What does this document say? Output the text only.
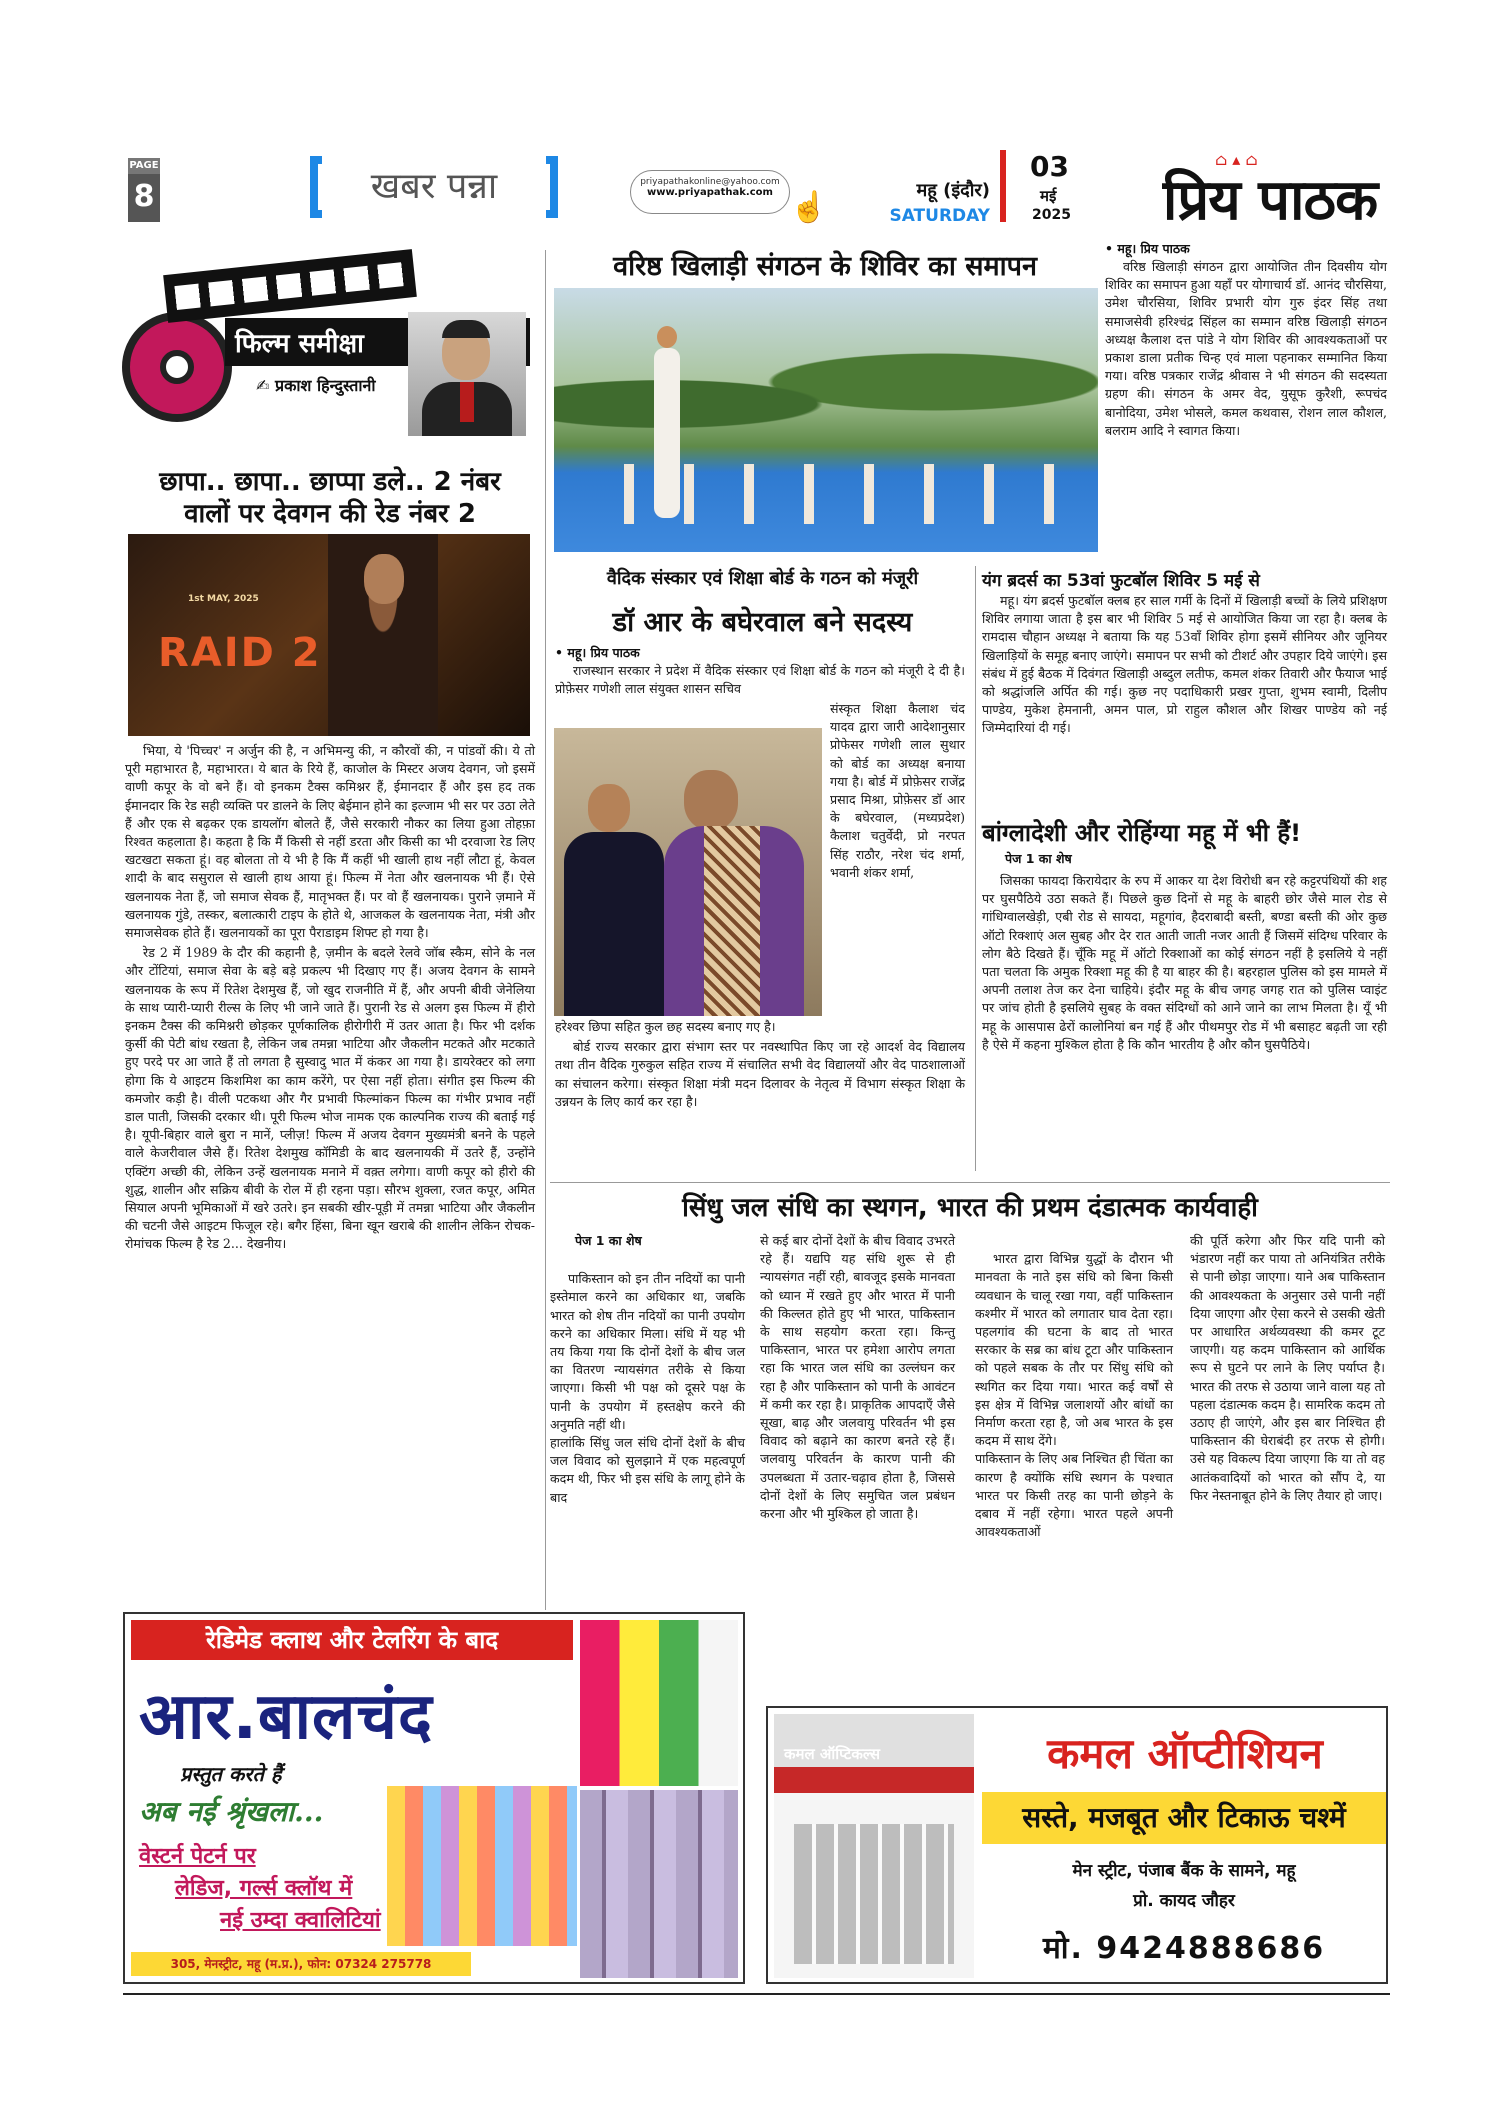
PAGE
8	खबर पन्ना	priyapathakonline@yahoo.com
www.priyapathak.com ☝	महू (इंदौर)
SATURDAY
03
मई
2025	प्रिय पाठक
⌂ ▴ ⌂
फिल्म समीक्षा
✍ प्रकाश हिन्दुस्तानी
छापा.. छापा.. छाप्पा डले.. 2 नंबर
वालों पर देवगन की रेड नंबर 2
1st MAY, 2025
RAID 2

भिया, ये 'पिच्चर' न अर्जुन की है, न अभिमन्यु की, न कौरवों की, न पांडवों की। ये तो पूरी महाभारत है, महाभारत। ये बात के रिये हैं, काजोल के मिस्टर अजय देवगन, जो इसमें वाणी कपूर के वो बने हैं। वो इनकम टैक्स कमिश्नर हैं, ईमानदार हैं और इस हद तक ईमानदार कि रेड सही व्यक्ति पर डालने के लिए बेईमान होने का इल्जाम भी सर पर उठा लेते हैं और एक से बढ़कर एक डायलॉग बोलते हैं, जैसे सरकारी नौकर का लिया हुआ तोहफ़ा रिश्वत कहलाता है। कहता है कि मैं किसी से नहीं डरता और किसी का भी दरवाजा रेड लिए खटखटा सकता हूं। वह बोलता तो ये भी है कि मैं कहीं भी खाली हाथ नहीं लौटा हूं, केवल शादी के बाद ससुराल से खाली हाथ आया हूं। फिल्म में नेता और खलनायक भी हैं। ऐसे खलनायक नेता हैं, जो समाज सेवक हैं, मातृभक्त हैं। पर वो हैं खलनायक। पुराने ज़माने में खलनायक गुंडे, तस्कर, बलात्कारी टाइप के होते थे, आजकल के खलनायक नेता, मंत्री और समाजसेवक होते हैं। खलनायकों का पूरा पैराडाइम शिफ्ट हो गया है।

रेड 2 में 1989 के दौर की कहानी है, ज़मीन के बदले रेलवे जॉब स्कैम, सोने के नल और टोंटियां, समाज सेवा के बड़े बड़े प्रकल्प भी दिखाए गए हैं। अजय देवगन के सामने खलनायक के रूप में रितेश देशमुख हैं, जो खुद राजनीति में हैं, और अपनी बीवी जेनेलिया के साथ प्यारी-प्यारी रील्स के लिए भी जाने जाते हैं। पुरानी रेड से अलग इस फिल्म में हीरो इनकम टैक्स की कमिश्नरी छोड़कर पूर्णकालिक हीरोगीरी में उतर आता है। फिर भी दर्शक कुर्सी की पेटी बांध रखता है, लेकिन जब तमन्ना भाटिया और जैकलीन मटकते और मटकाते हुए परदे पर आ जाते हैं तो लगता है सुस्वादु भात में कंकर आ गया है। डायरेक्टर को लगा होगा कि ये आइटम किशमिश का काम करेंगे, पर ऐसा नहीं होता। संगीत इस फिल्म की कमजोर कड़ी है। वीली पटकथा और गैर प्रभावी फिल्मांकन फिल्म का गंभीर प्रभाव नहीं डाल पाती, जिसकी दरकार थी। पूरी फिल्म भोज नामक एक काल्पनिक राज्य की बताई गई है। यूपी-बिहार वाले बुरा न मानें, प्लीज़! फिल्म में अजय देवगन मुख्यमंत्री बनने के पहले वाले केजरीवाल जैसे हैं। रितेश देशमुख कॉमिडी के बाद खलनायकी में उतरे हैं, उन्होंने एक्टिंग अच्छी की, लेकिन उन्हें खलनायक मनाने में वक़्त लगेगा। वाणी कपूर को हीरो की शुद्ध, शालीन और सक्रिय बीवी के रोल में ही रहना पड़ा। सौरभ शुक्ला, रजत कपूर, अमित सियाल अपनी भूमिकाओं में खरे उतरे। इन सबकी खीर-पूड़ी में तमन्ना भाटिया और जैकलीन की चटनी जैसे आइटम फिजूल रहे। बगैर हिंसा, बिना खून खराबे की शालीन लेकिन रोचक-रोमांचक फिल्म है रेड 2... देखनीय।

वरिष्ठ खिलाड़ी संगठन के शिविर का समापन
• महू। प्रिय पाठक

वरिष्ठ खिलाड़ी संगठन द्वारा आयोजित तीन दिवसीय योग शिविर का समापन हुआ यहाँ पर योगाचार्य डॉ. आनंद चौरसिया, उमेश चौरसिया, शिविर प्रभारी योग गुरु इंदर सिंह तथा समाजसेवी हरिश्चंद्र सिंहल का सम्मान वरिष्ठ खिलाड़ी संगठन अध्यक्ष कैलाश दत्त पांडे ने योग शिविर की आवश्यकताओं पर प्रकाश डाला प्रतीक चिन्ह एवं माला पहनाकर सम्मानित किया गया। वरिष्ठ पत्रकार राजेंद्र श्रीवास ने भी संगठन की सदस्यता ग्रहण की। संगठन के अमर वेद, युसूफ कुरैशी, रूपचंद बानोदिया, उमेश भोसले, कमल कथवास, रोशन लाल कौशल, बलराम आदि ने स्वागत किया।

वैदिक संस्कार एवं शिक्षा बोर्ड के गठन को मंजूरी
डॉ आर के बघेरवाल बने सदस्य
• महू। प्रिय पाठक

राजस्थान सरकार ने प्रदेश में वैदिक संस्कार एवं शिक्षा बोर्ड के गठन को मंजूरी दे दी है। प्रोफ़ेसर गणेशी लाल संयुक्त शासन सचिव

संस्कृत शिक्षा कैलाश चंद यादव द्वारा जारी आदेशानुसार प्रोफेसर गणेशी लाल सुथार को बोर्ड का अध्यक्ष बनाया गया है। बोर्ड में प्रोफ़ेसर राजेंद्र प्रसाद मिश्रा, प्रोफ़ेसर डॉ आर के बघेरवाल, (मध्यप्रदेश) कैलाश चतुर्वेदी, प्रो नरपत सिंह राठौर, नरेश चंद शर्मा, भवानी शंकर शर्मा,

हरेश्वर छिपा सहित कुल छह सदस्य बनाए गए है।

बोर्ड राज्य सरकार द्वारा संभाग स्तर पर नवस्थापित किए जा रहे आदर्श वेद विद्यालय तथा तीन वैदिक गुरुकुल सहित राज्य में संचालित सभी वेद विद्यालयों और वेद पाठशालाओं का संचालन करेगा। संस्कृत शिक्षा मंत्री मदन दिलावर के नेतृत्व में विभाग संस्कृत शिक्षा के उन्नयन के लिए कार्य कर रहा है।

यंग ब्रदर्स का 53वां फुटबॉल शिविर 5 मई से

महू। यंग ब्रदर्स फुटबॉल क्लब हर साल गर्मी के दिनों में खिलाड़ी बच्चों के लिये प्रशिक्षण शिविर लगाया जाता है इस बार भी शिविर 5 मई से आयोजित किया जा रहा है। क्लब के रामदास चौहान अध्यक्ष ने बताया कि यह 53वाँ शिविर होगा इसमें सीनियर और जूनियर खिलाड़ियों के समूह बनाए जाएंगे। समापन पर सभी को टीशर्ट और उपहार दिये जाएंगे। इस संबंध में हुई बैठक में दिवंगत खिलाड़ी अब्दुल लतीफ, कमल शंकर तिवारी और फैयाज भाई को श्रद्धांजलि अर्पित की गई। कुछ नए पदाधिकारी प्रखर गुप्ता, शुभम स्वामी, दिलीप पाण्डेय, मुकेश हेमनानी, अमन पाल, प्रो राहुल कौशल और शिखर पाण्डेय को नई जिम्मेदारियां दी गई।

बांग्लादेशी और रोहिंग्या महू में भी हैं!
पेज 1 का शेष

जिसका फायदा किरायेदार के रुप में आकर या देश विरोधी बन रहे कट्टरपंथियों की शह पर घुसपैठिये उठा सकते हैं। पिछले कुछ दिनों से महू के बाहरी छोर जैसे माल रोड से गांधिग्वालखेड़ी, एबी रोड से सायदा, महूगांव, हैदराबादी बस्ती, बण्डा बस्ती की ओर कुछ ऑटो रिक्शाएं अल सुबह और देर रात आती जाती नजर आती हैं जिसमें संदिग्ध परिवार के लोग बैठे दिखते हैं। चूँकि महू में ऑटो रिक्शाओं का कोई संगठन नहीं है इसलिये ये नहीं पता चलता कि अमुक रिक्शा महू की है या बाहर की है। बहरहाल पुलिस को इस मामले में अपनी तलाश तेज कर देना चाहिये। इंदौर महू के बीच जगह जगह रात को पुलिस प्वाइंट पर जांच होती है इसलिये सुबह के वक्त संदिग्धों को आने जाने का लाभ मिलता है। यूँ भी महू के आसपास ढेरों कालोनियां बन गई हैं और पीथमपुर रोड में भी बसाहट बढ़ती जा रही है ऐसे में कहना मुश्किल होता है कि कौन भारतीय है और कौन घुसपैठिये।

सिंधु जल संधि का स्थगन, भारत की प्रथम दंडात्मक कार्यवाही
पेज 1 का शेष

पाकिस्तान को इन तीन नदियों का पानी इस्तेमाल करने का अधिकार था, जबकि भारत को शेष तीन नदियों का पानी उपयोग करने का अधिकार मिला। संधि में यह भी तय किया गया कि दोनों देशों के बीच जल का वितरण न्यायसंगत तरीके से किया जाएगा। किसी भी पक्ष को दूसरे पक्ष के पानी के उपयोग में हस्तक्षेप करने की अनुमति नहीं थी।
हालांकि सिंधु जल संधि दोनों देशों के बीच जल विवाद को सुलझाने में एक महत्वपूर्ण कदम थी, फिर भी इस संधि के लागू होने के बाद

से कई बार दोनों देशों के बीच विवाद उभरते रहे हैं। यद्यपि यह संधि शुरू से ही न्यायसंगत नहीं रही, बावजूद इसके मानवता को ध्यान में रखते हुए और भारत में पानी की किल्लत होते हुए भी भारत, पाकिस्तान के साथ सहयोग करता रहा। किन्तु पाकिस्तान, भारत पर हमेशा आरोप लगता रहा कि भारत जल संधि का उल्लंघन कर रहा है और पाकिस्तान को पानी के आवंटन में कमी कर रहा है। प्राकृतिक आपदाएँ जैसे सूखा, बाढ़ और जलवायु परिवर्तन भी इस विवाद को बढ़ाने का कारण बनते रहे हैं। जलवायु परिवर्तन के कारण पानी की उपलब्धता में उतार-चढ़ाव होता है, जिससे दोनों देशों के लिए समुचित जल प्रबंधन करना और भी मुश्किल हो जाता है।

भारत द्वारा विभिन्न युद्धों के दौरान भी मानवता के नाते इस संधि को बिना किसी व्यवधान के चालू रखा गया, वहीं पाकिस्तान कश्मीर में भारत को लगातार घाव देता रहा। पहलगांव की घटना के बाद तो भारत सरकार के सब्र का बांध टूटा और पाकिस्तान को पहले सबक के तौर पर सिंधु संधि को स्थगित कर दिया गया। भारत कई वर्षों से इस क्षेत्र में विभिन्न जलाशयों और बांधों का निर्माण करता रहा है, जो अब भारत के इस कदम में साथ देंगे।
पाकिस्तान के लिए अब निश्चित ही चिंता का कारण है क्योंकि संधि स्थगन के पश्चात भारत पर किसी तरह का पानी छोड़ने के दबाव में नहीं रहेगा। भारत पहले अपनी आवश्यकताओं

की पूर्ति करेगा और फिर यदि पानी को भंडारण नहीं कर पाया तो अनियंत्रित तरीके से पानी छोड़ा जाएगा। याने अब पाकिस्तान की आवश्यकता के अनुसार उसे पानी नहीं दिया जाएगा और ऐसा करने से उसकी खेती पर आधारित अर्थव्यवस्था की कमर टूट जाएगी। यह कदम पाकिस्तान को आर्थिक रूप से घुटने पर लाने के लिए पर्याप्त है। भारत की तरफ से उठाया जाने वाला यह तो पहला दंडात्मक कदम है। सामरिक कदम तो उठाए ही जाएंगे, और इस बार निश्चित ही पाकिस्तान की घेराबंदी हर तरफ से होगी। उसे यह विकल्प दिया जाएगा कि या तो वह आतंकवादियों को भारत को सौंप दे, या फिर नेस्तनाबूत होने के लिए तैयार हो जाए।

रेडिमेड क्लाथ और टेलरिंग के बाद
आर.बालचंद
प्रस्तुत करते हैं
अब नई श्रृंखला...
वेस्टर्न पेटर्न पर
लेडिज, गर्ल्स क्लॉथ में
नई उम्दा क्वालिटियां
305, मेनस्ट्रीट, महू (म.प्र.), फोन: 07324 275778
कमल ऑप्टिकल्स	कमल ऑप्टीशियन
सस्ते, मजबूत और टिकाऊ चश्में
मेन स्ट्रीट, पंजाब बैंक के सामने, महू
प्रो. कायद जौहर
मो. 9424888686
